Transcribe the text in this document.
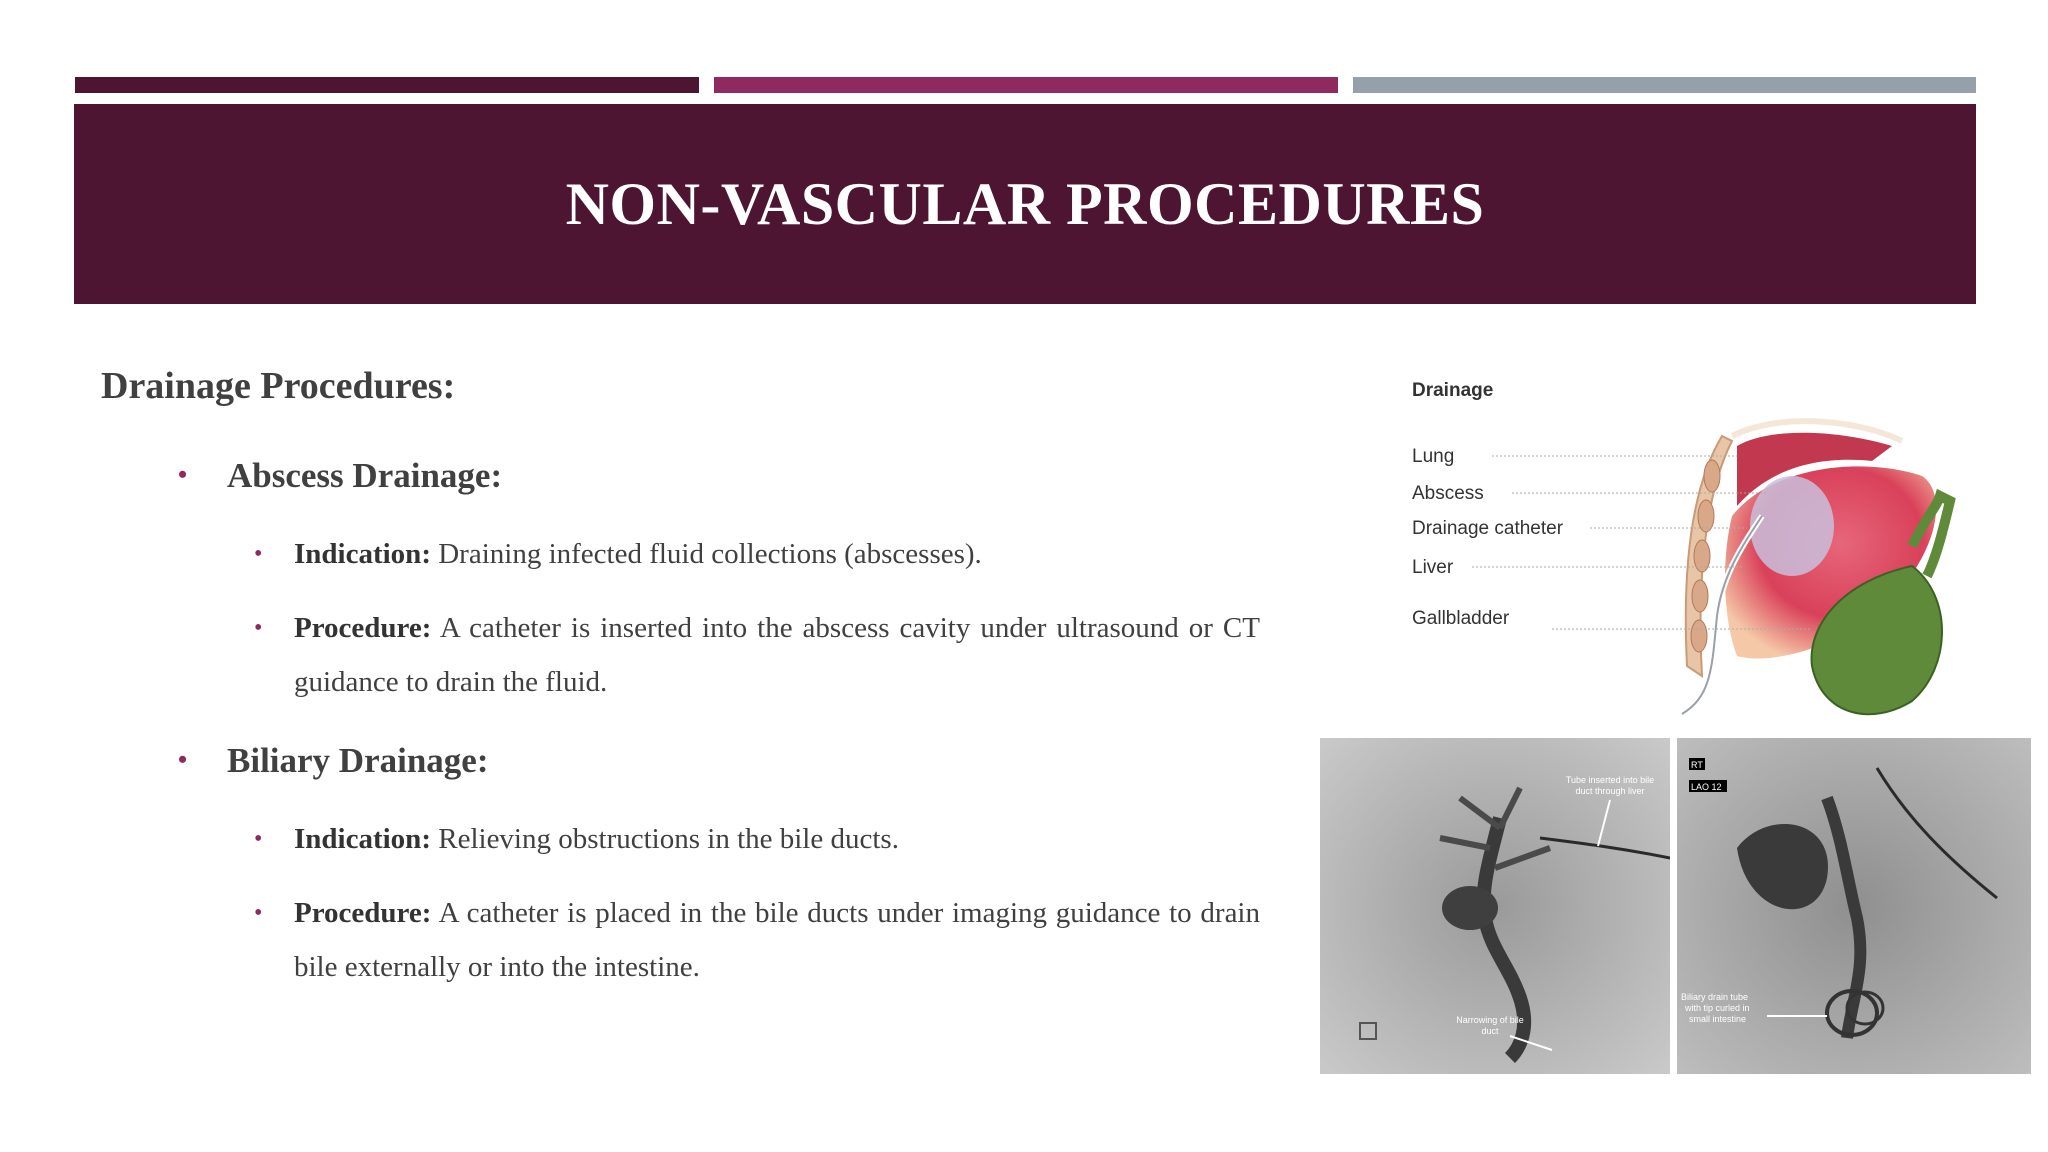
NON-VASCULAR PROCEDURES
Drainage Procedures:
• Abscess Drainage:
• Indication: Draining infected fluid collections (abscesses).
• Procedure: A catheter is inserted into the abscess cavity under ultrasound or CT guidance to drain the fluid.
• Biliary Drainage:
• Indication: Relieving obstructions in the bile ducts.
• Procedure: A catheter is placed in the bile ducts under imaging guidance to drain bile externally or into the intestine.
Drainage
Lung
Abscess
Drainage catheter
Liver
Gallbladder
Tube inserted into bile
duct through liver
Narrowing of bile
duct
RT
LAO 12
Biliary drain tube
with tip curled in
small intestine
